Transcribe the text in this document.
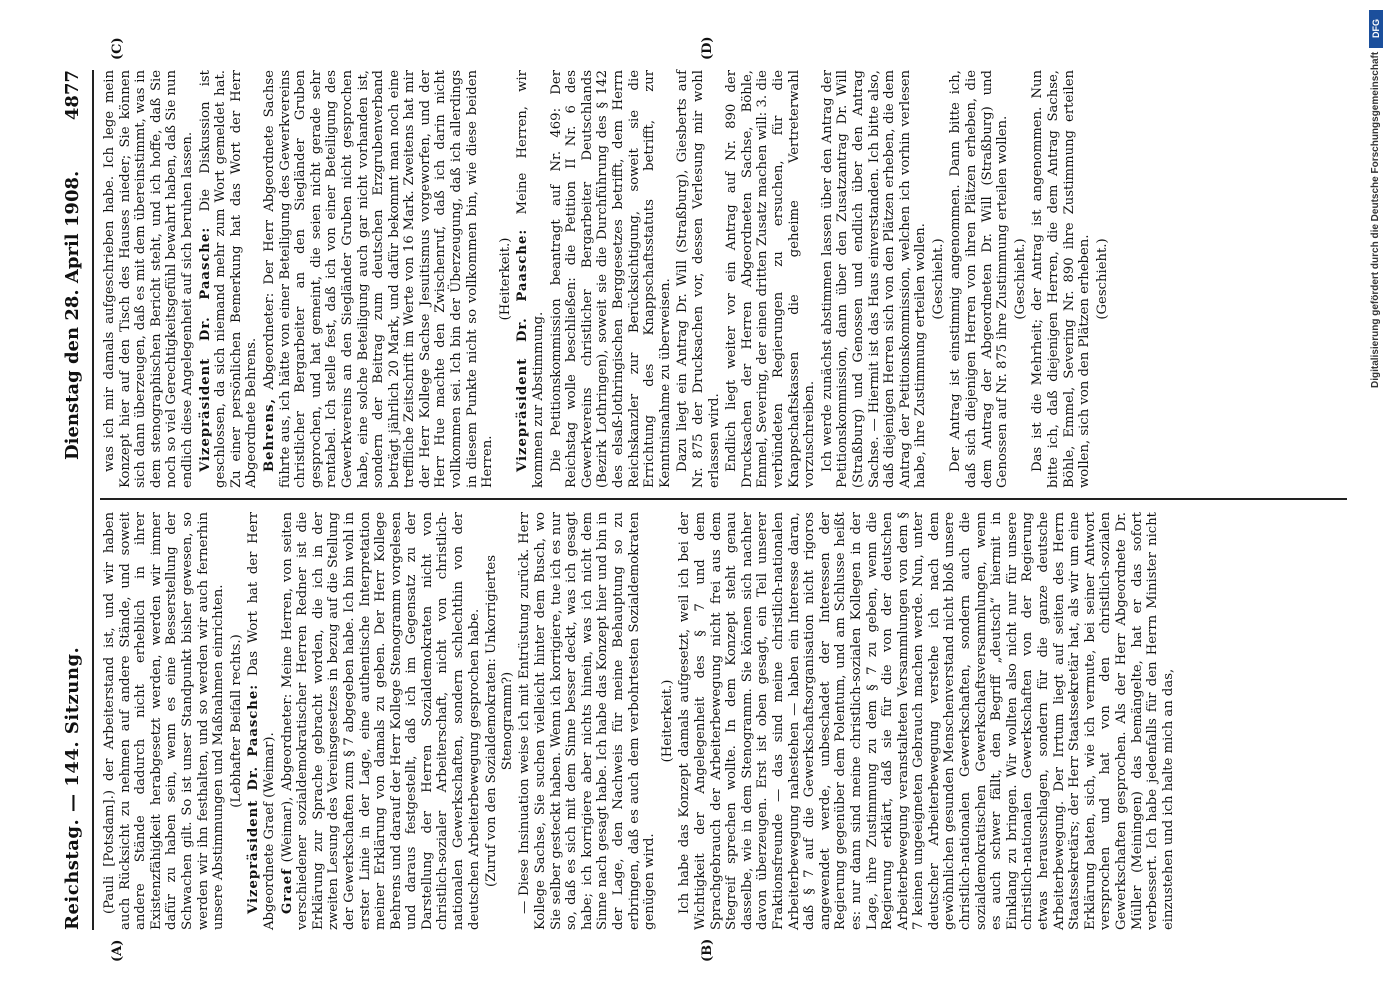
Reichstag. — 144. Sitzung.
Dienstag den 28. April 1908.
4877
(A)	(B)
(C)	(D)

(Pauli [Potsdam].) der Arbeiterstand ist, und wir haben auch Rücksicht zu nehmen auf andere Stände, und soweit andere Stände dadurch nicht erheblich in ihrer Existenzfähigkeit herabgesetzt werden, werden wir immer dafür zu haben sein, wenn es eine Besserstellung der Schwachen gilt. So ist unser Standpunkt bisher gewesen, so werden wir ihn festhalten, und so werden wir auch fernerhin unsere Abstimmungen und Maßnahmen einrichten. (Lebhafter Beifall rechts.) Vizepräsident Dr. Paasche: Das Wort hat der Herr Abgeordnete Graef (Weimar). Graef (Weimar), Abgeordneter: Meine Herren, von seiten verschiedener sozialdemokratischer Herren Redner ist die Erklärung zur Sprache gebracht worden, die ich in der zweiten Lesung des Vereinsgesetzes in bezug auf die Stellung der Gewerkschaften zum § 7 abgegeben habe. Ich bin wohl in erster Linie in der Lage, eine authentische Interpretation meiner Erklärung von damals zu geben. Der Herr Kollege Behrens und darauf der Herr Kollege Stenogramm vorgelesen und daraus festgestellt, daß ich im Gegensatz zu der Darstellung der Herren Sozialdemokraten nicht von christlich-sozialer Arbeiterschaft, nicht von christlich-nationalen Gewerkschaften, sondern schlechthin von der deutschen Arbeiterbewegung gesprochen habe. (Zuruf von den Sozialdemokraten: Unkorrigiertes Stenogramm?) — Diese Insinuation weise ich mit Entrüstung zurück. Herr Kollege Sachse, Sie suchen vielleicht hinter dem Busch, wo Sie selber gesteckt haben. Wenn ich korrigiere, tue ich es nur so, daß es sich mit dem Sinne besser deckt, was ich gesagt habe; ich korrigiere aber nichts hinein, was ich nicht dem Sinne nach gesagt habe. Ich habe das Konzept hier und bin in der Lage, den Nachweis für meine Behauptung so zu erbringen, daß es auch dem verbohrtesten Sozialdemokraten genügen wird.

(Heiterkeit.) Ich habe das Konzept damals aufgesetzt, weil ich bei der Wichtigkeit der Angelegenheit des § 7 und dem Sprachgebrauch der Arbeiterbewegung nicht frei aus dem Stegreif sprechen wollte. In dem Konzept steht genau dasselbe, wie in dem Stenogramm. Sie können sich nachher davon überzeugen. Erst ist oben gesagt, ein Teil unserer Fraktionsfreunde — das sind meine christlich-nationalen Arbeiterbewegung nahestehen — haben ein Interesse daran, daß § 7 auf die Gewerkschaftsorganisation nicht rigoros angewendet werde, unbeschadet der Interessen der Regierung gegenüber dem Polentum, und am Schlusse heißt es: nur dann sind meine christlich-sozialen Kollegen in der Lage, ihre Zustimmung zu dem § 7 zu geben, wenn die Regierung erklärt, daß sie für die von der deutschen Arbeiterbewegung veranstalteten Versammlungen von dem § 7 keinen ungeeigneten Gebrauch machen werde. Nun, unter deutscher Arbeiterbewegung verstehe ich nach dem gewöhnlichen gesunden Menschenverstand nicht bloß unsere christlich-nationalen Gewerkschaften, sondern auch die sozialdemokratischen Gewerkschaftsversammlungen, wenn es auch schwer fällt, den Begriff „deutsch“ hiermit in Einklang zu bringen. Wir wollten also nicht nur für unsere christlich-nationalen Gewerkschaften von der Regierung etwas herausschlagen, sondern für die ganze deutsche Arbeiterbewegung. Der Irrtum liegt auf seiten des Herrn Staatssekretärs; der Herr Staatssekretär hat, als wir um eine Erklärung baten, sich, wie ich vermute, bei seiner Antwort versprochen und hat von den christlich-sozialen Gewerkschaften gesprochen. Als der Herr Abgeordnete Dr. Müller (Meiningen) das bemängelte, hat er das sofort verbessert. Ich habe jedenfalls für den Herrn Minister nicht einzustehen und ich halte mich an das,

was ich mir damals aufgeschrieben habe. Ich lege mein Konzept hier auf den Tisch des Hauses nieder; Sie können sich dann überzeugen, daß es mit dem übereinstimmt, was in dem stenographischen Bericht steht, und ich hoffe, daß Sie noch so viel Gerechtigkeitsgefühl bewahrt haben, daß Sie nun endlich diese Angelegenheit auf sich beruhen lassen. Vizepräsident Dr. Paasche: Die Diskussion ist geschlossen, da sich niemand mehr zum Wort gemeldet hat. Zu einer persönlichen Bemerkung hat das Wort der Herr Abgeordnete Behrens. Behrens, Abgeordneter: Der Herr Abgeordnete Sachse führte aus, ich hätte von einer Beteiligung des Gewerkvereins christlicher Bergarbeiter an den Siegländer Gruben gesprochen, und hat gemeint, die seien nicht gerade sehr rentabel. Ich stelle fest, daß ich von einer Beteiligung des Gewerkvereins an den Siegländer Gruben nicht gesprochen habe, eine solche Beteiligung auch gar nicht vorhanden ist, sondern der Beitrag zum deutschen Erzgrubenverband beträgt jährlich 20 Mark, und dafür bekommt man noch eine treffliche Zeitschrift im Werte von 16 Mark. Zweitens hat mir der Herr Kollege Sachse Jesuitismus vorgeworfen, und der Herr Hue machte den Zwischenruf, daß ich darin nicht vollkommen sei. Ich bin der Überzeugung, daß ich allerdings in diesem Punkte nicht so vollkommen bin, wie diese beiden Herren.

(Heiterkeit.) Vizepräsident Dr. Paasche: Meine Herren, wir kommen zur Abstimmung. Die Petitionskommission beantragt auf Nr. 469: Der Reichstag wolle beschließen: die Petition II Nr. 6 des Gewerkvereins christlicher Bergarbeiter Deutschlands (Bezirk Lothringen), soweit sie die Durchführung des § 142 des elsaß-lothringischen Berggesetzes betrifft, dem Herrn Reichskanzler zur Berücksichtigung, soweit sie die Errichtung des Knappschaftsstatuts betrifft, zur Kenntnisnahme zu überweisen. Dazu liegt ein Antrag Dr. Will (Straßburg), Giesberts auf Nr. 875 der Drucksachen vor, dessen Verlesung mir wohl erlassen wird. Endlich liegt weiter vor ein Antrag auf Nr. 890 der Drucksachen der Herren Abgeordneten Sachse, Böhle, Emmel, Severing, der einen dritten Zusatz machen will: 3. die verbündeten Regierungen zu ersuchen, für die Knappschaftskassen die geheime Vertreterwahl vorzuschreiben. Ich werde zunächst abstimmen lassen über den Antrag der Petitionskommission, dann über den Zusatzantrag Dr. Will (Straßburg) und Genossen und endlich über den Antrag Sachse. — Hiermit ist das Haus einverstanden. Ich bitte also, daß diejenigen Herren sich von den Plätzen erheben, die dem Antrag der Petitionskommission, welchen ich vorhin verlesen habe, ihre Zustimmung erteilen wollen. (Geschieht.) Der Antrag ist einstimmig angenommen. Dann bitte ich, daß sich diejenigen Herren von ihren Plätzen erheben, die dem Antrag der Abgeordneten Dr. Will (Straßburg) und Genossen auf Nr. 875 ihre Zustimmung erteilen wollen. (Geschieht.) Das ist die Mehrheit; der Antrag ist angenommen. Nun bitte ich, daß diejenigen Herren, die dem Antrag Sachse, Böhle, Emmel, Severing Nr. 890 ihre Zustimmung erteilen wollen, sich von den Plätzen erheben. (Geschieht.)

DFG
Digitalisierung gefördert durch die Deutsche Forschungsgemeinschaft
